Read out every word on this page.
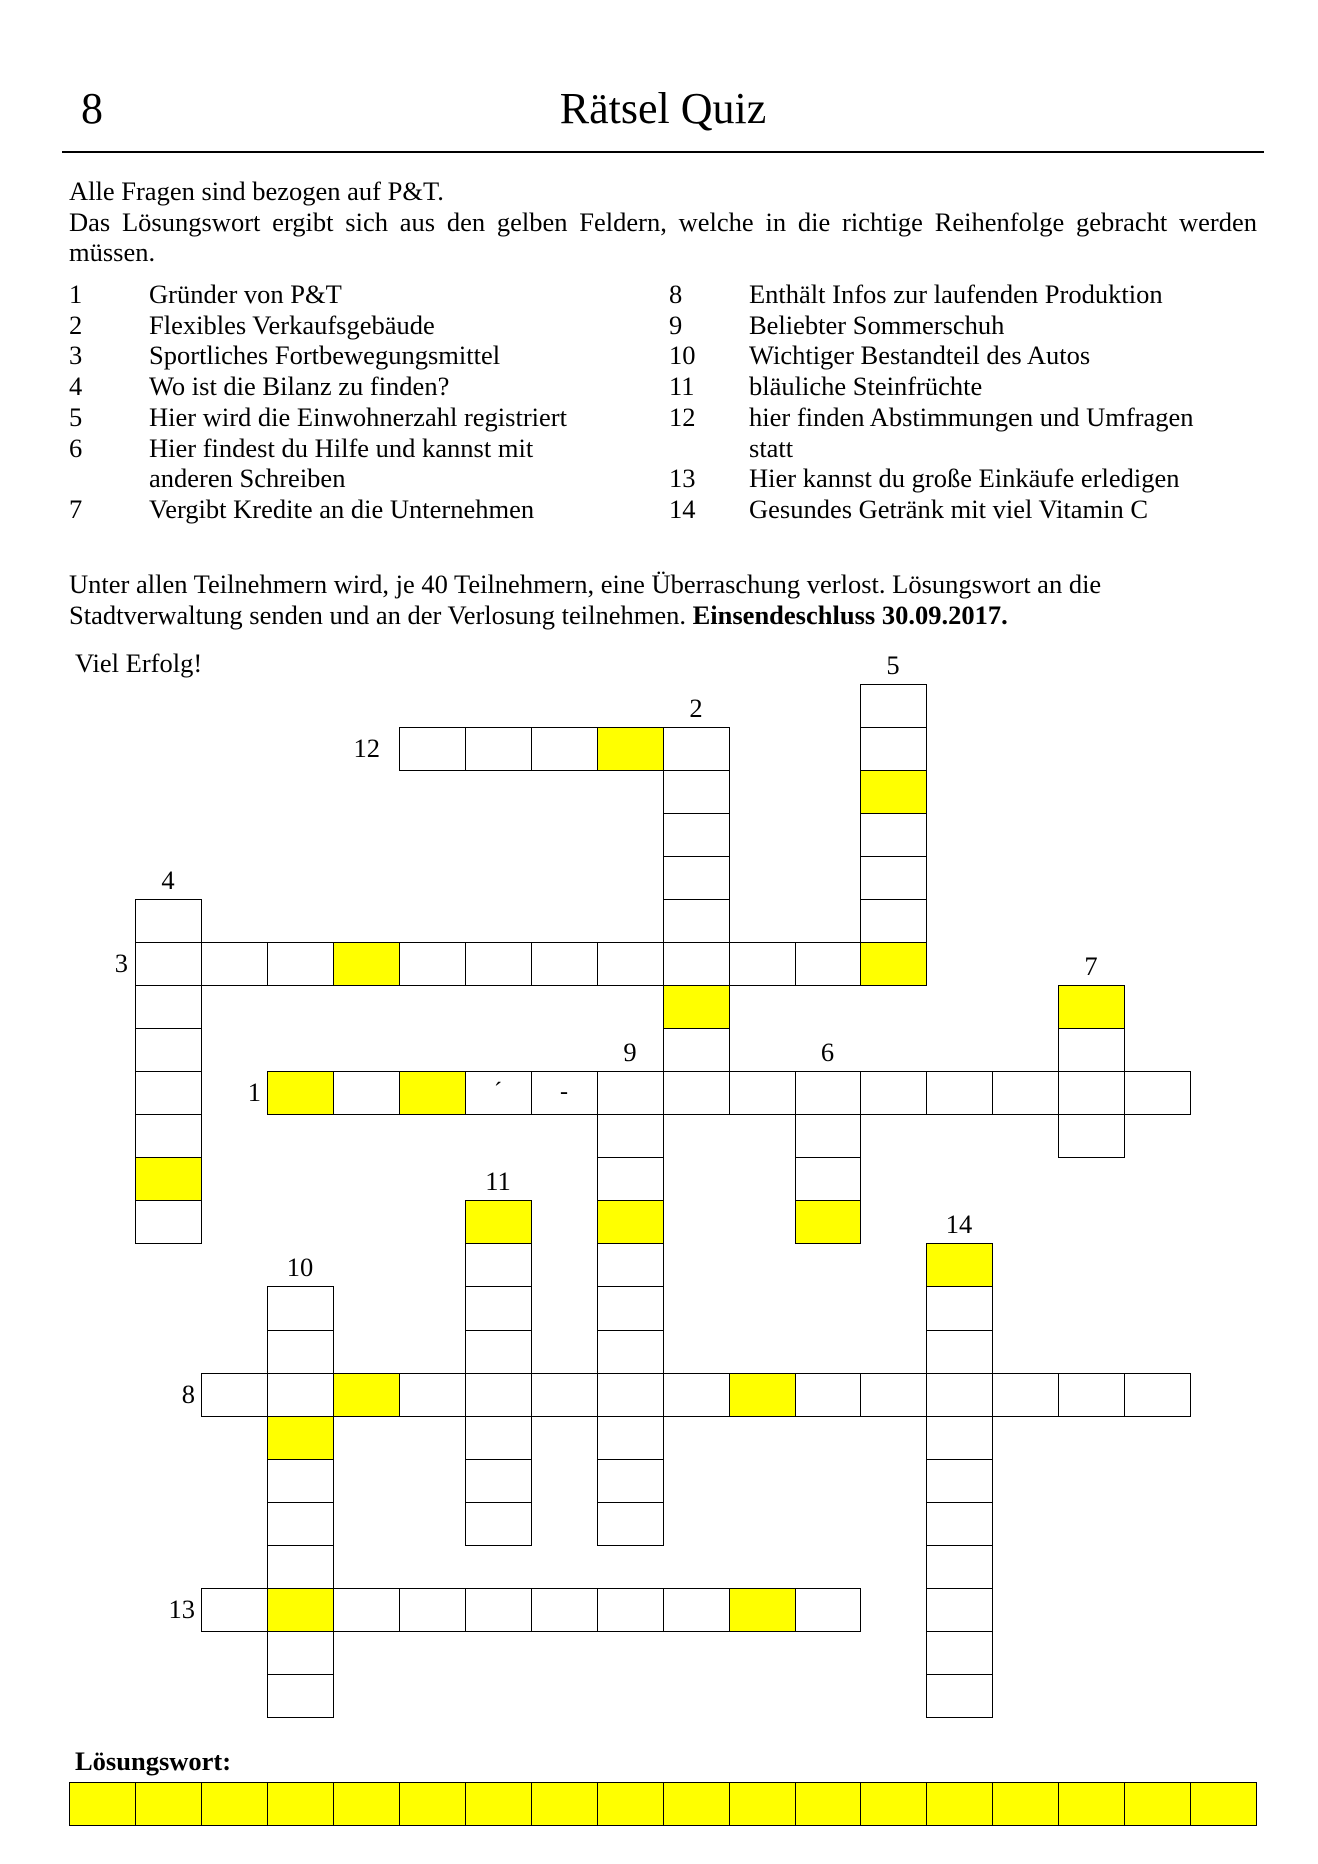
8	Rätsel Quiz
Alle Fragen sind bezogen auf P&T.
Das Lösungswort ergibt sich aus den gelben Feldern, welche in die richtige Reihenfolge gebracht werden müssen.
1	Gründer von P&T
2	Flexibles Verkaufsgebäude
3	Sportliches Fortbewegungsmittel
4	Wo ist die Bilanz zu finden?
5	Hier wird die Einwohnerzahl registriert
6	Hier findest du Hilfe und kannst mit anderen Schreiben
7	Vergibt Kredite an die Unternehmen
8	Enthält Infos zur laufenden Produktion
9	Beliebter Sommerschuh
10	Wichtiger Bestandteil des Autos
11	bläuliche Steinfrüchte
12	hier finden Abstimmungen und Umfragen statt
13	Hier kannst du große Einkäufe erledigen
14	Gesundes Getränk mit viel Vitamin C
Unter allen Teilnehmern wird, je 40 Teilnehmern, eine Überraschung verlost. Lösungswort an die Stadtverwaltung senden und an der Verlosung teilnehmen. Einsendeschluss 30.09.2017.
Viel Erfolg!
1
2
3
4
5
6
7
8
9
10
11
12
13
14
´	-
Lösungswort:
